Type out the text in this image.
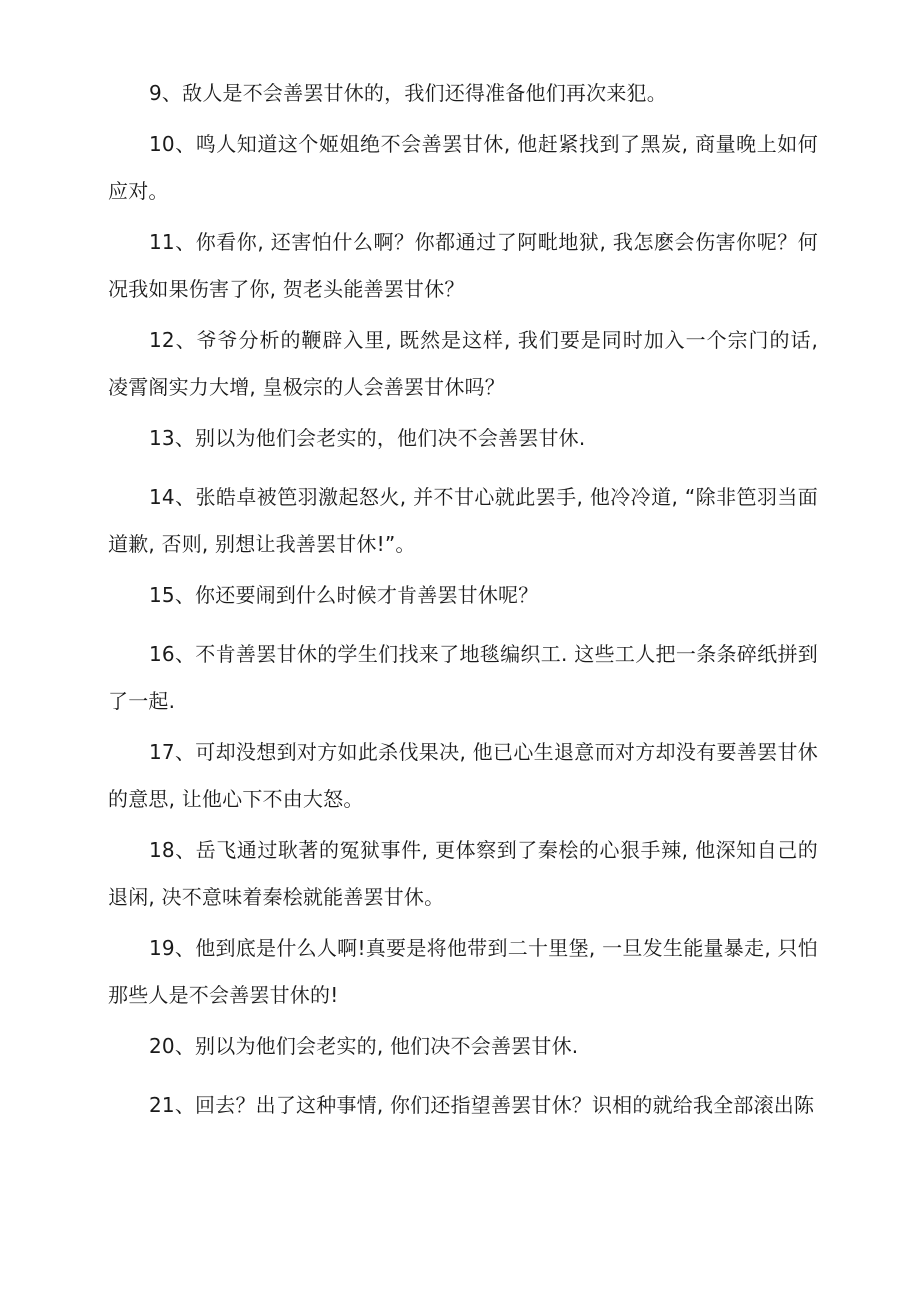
9、敌人是不会善罢甘休的，我们还得准备他们再次来犯。

10、鸣人知道这个姬姐绝不会善罢甘休, 他赶紧找到了黑炭, 商量晚上如何应对。

11、你看你, 还害怕什么啊？你都通过了阿毗地狱, 我怎麽会伤害你呢？何况我如果伤害了你, 贺老头能善罢甘休？

12、爷爷分析的鞭辟入里, 既然是这样, 我们要是同时加入一个宗门的话, 凌霄阁实力大增, 皇极宗的人会善罢甘休吗？

13、别以为他们会老实的，他们决不会善罢甘休.

14、张皓卓被笆羽激起怒火, 并不甘心就此罢手, 他冷冷道, “除非笆羽当面道歉, 否则, 别想让我善罢甘休!”。

15、你还要闹到什么时候才肯善罢甘休呢？

16、不肯善罢甘休的学生们找来了地毯编织工. 这些工人把一条条碎纸拼到了一起.

17、可却没想到对方如此杀伐果决, 他已心生退意而对方却没有要善罢甘休的意思, 让他心下不由大怒。

18、岳飞通过耿著的冤狱事件, 更体察到了秦桧的心狠手辣, 他深知自己的退闲, 决不意味着秦桧就能善罢甘休。

19、他到底是什么人啊!真要是将他带到二十里堡, 一旦发生能量暴走, 只怕那些人是不会善罢甘休的!

20、别以为他们会老实的, 他们决不会善罢甘休.

21、回去？出了这种事情, 你们还指望善罢甘休？识相的就给我全部滚出陈
